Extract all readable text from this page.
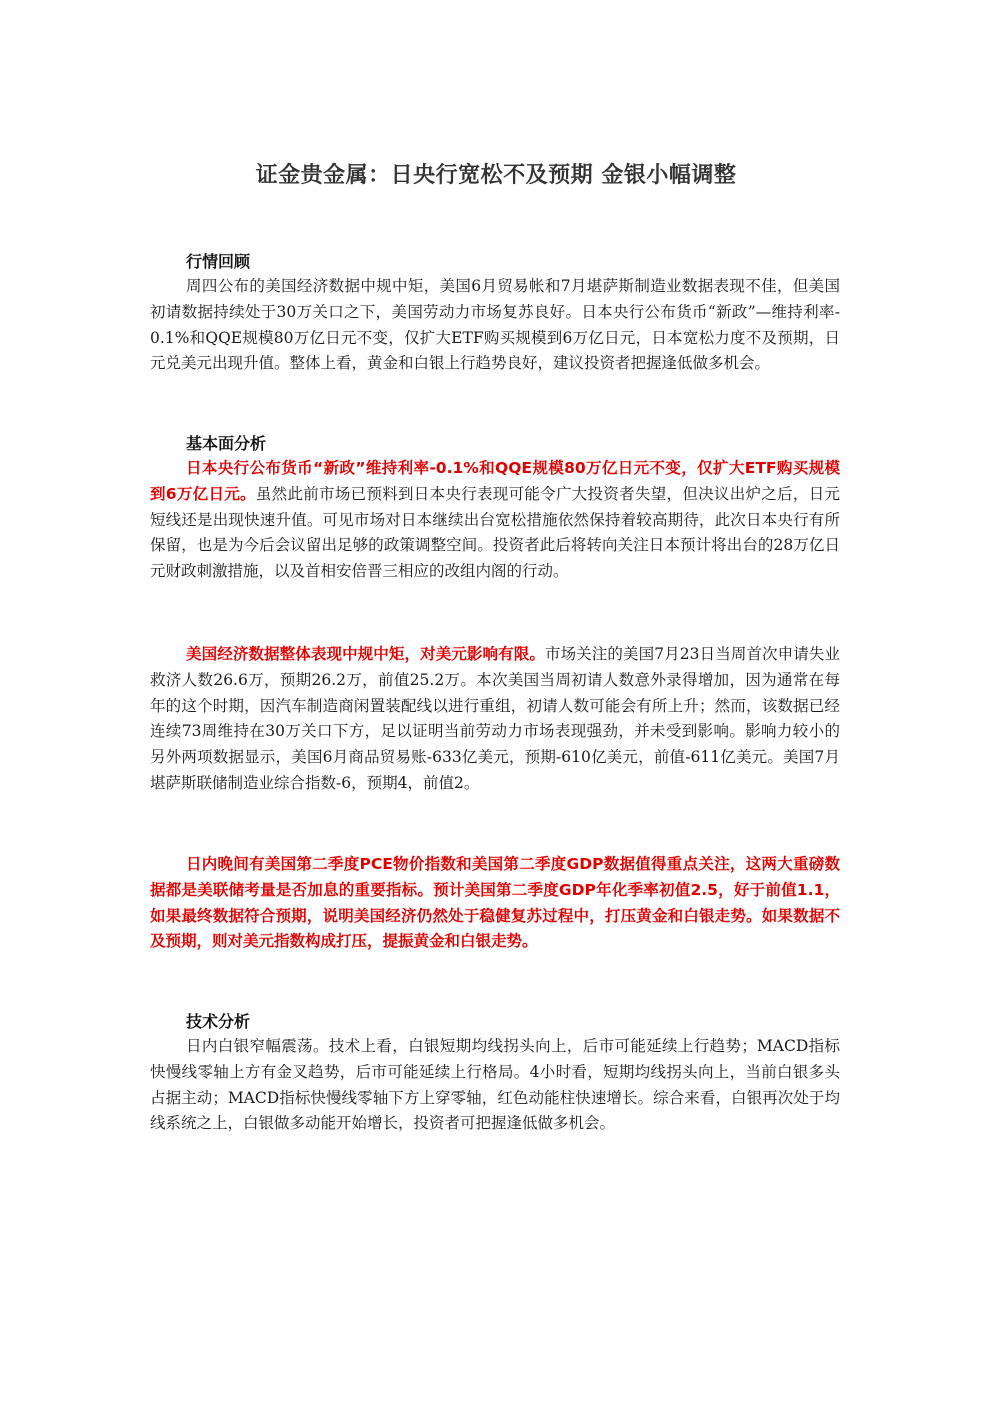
证金贵金属：日央行宽松不及预期 金银小幅调整
行情回顾

周四公布的美国经济数据中规中矩，美国6月贸易帐和7月堪萨斯制造业数据表现不佳，但美国初请数据持续处于30万关口之下，美国劳动力市场复苏良好。日本央行公布货币“新政”—维持利率-0.1%和QQE规模80万亿日元不变，仅扩大ETF购买规模到6万亿日元，日本宽松力度不及预期，日元兑美元出现升值。整体上看，黄金和白银上行趋势良好，建议投资者把握逢低做多机会。

基本面分析

日本央行公布货币“新政”维持利率-0.1%和QQE规模80万亿日元不变，仅扩大ETF购买规模到6万亿日元。虽然此前市场已预料到日本央行表现可能令广大投资者失望，但决议出炉之后，日元短线还是出现快速升值。可见市场对日本继续出台宽松措施依然保持着较高期待，此次日本央行有所保留，也是为今后会议留出足够的政策调整空间。投资者此后将转向关注日本预计将出台的28万亿日元财政刺激措施，以及首相安倍晋三相应的改组内阁的行动。

美国经济数据整体表现中规中矩，对美元影响有限。市场关注的美国7月23日当周首次申请失业救济人数26.6万，预期26.2万，前值25.2万。本次美国当周初请人数意外录得增加，因为通常在每年的这个时期，因汽车制造商闲置装配线以进行重组，初请人数可能会有所上升；然而，该数据已经连续73周维持在30万关口下方，足以证明当前劳动力市场表现强劲，并未受到影响。影响力较小的另外两项数据显示，美国6月商品贸易账-633亿美元，预期-610亿美元，前值-611亿美元。美国7月堪萨斯联储制造业综合指数-6，预期4，前值2。

日内晚间有美国第二季度PCE物价指数和美国第二季度GDP数据值得重点关注，这两大重磅数据都是美联储考量是否加息的重要指标。预计美国第二季度GDP年化季率初值2.5，好于前值1.1，如果最终数据符合预期，说明美国经济仍然处于稳健复苏过程中，打压黄金和白银走势。如果数据不及预期，则对美元指数构成打压，提振黄金和白银走势。

技术分析

日内白银窄幅震荡。技术上看，白银短期均线拐头向上，后市可能延续上行趋势；MACD指标快慢线零轴上方有金叉趋势，后市可能延续上行格局。4小时看，短期均线拐头向上，当前白银多头占据主动；MACD指标快慢线零轴下方上穿零轴，红色动能柱快速增长。综合来看，白银再次处于均线系统之上，白银做多动能开始增长，投资者可把握逢低做多机会。
